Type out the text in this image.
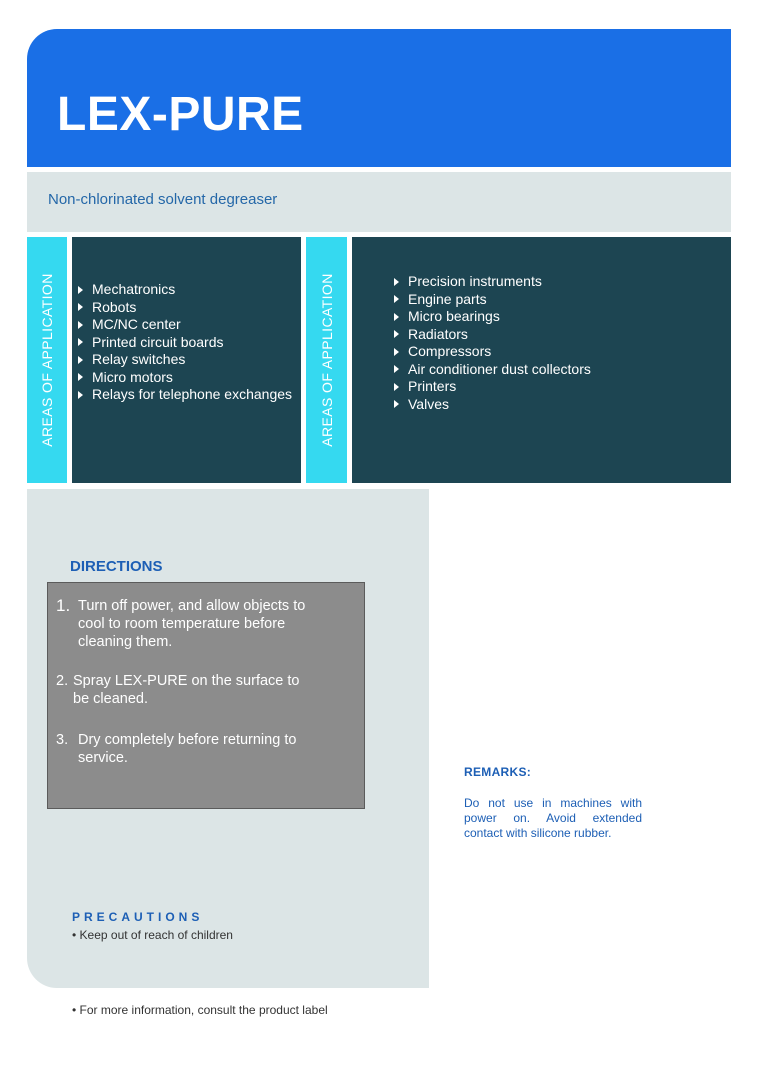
LEX-PURE
Non-chlorinated solvent degreaser
AREAS OF APPLICATION	Mechatronics
Robots
MC/NC center
Printed circuit boards
Relay switches
Micro motors
Relays for telephone exchanges AREAS OF APPLICATION	Precision instruments
Engine parts
Micro bearings
Radiators
Compressors
Air conditioner dust collectors
Printers
Valves
DIRECTIONS
1. Turn off power, and allow objects to cool to room temperature before cleaning them.
2. Spray LEX-PURE on the surface to be cleaned.
3. Dry completely before returning to service.
PRECAUTIONS
• Keep out of reach of children
REMARKS:

Do not use in machines with power on. Avoid extended contact with silicone rubber.

• For more information, consult the product label
